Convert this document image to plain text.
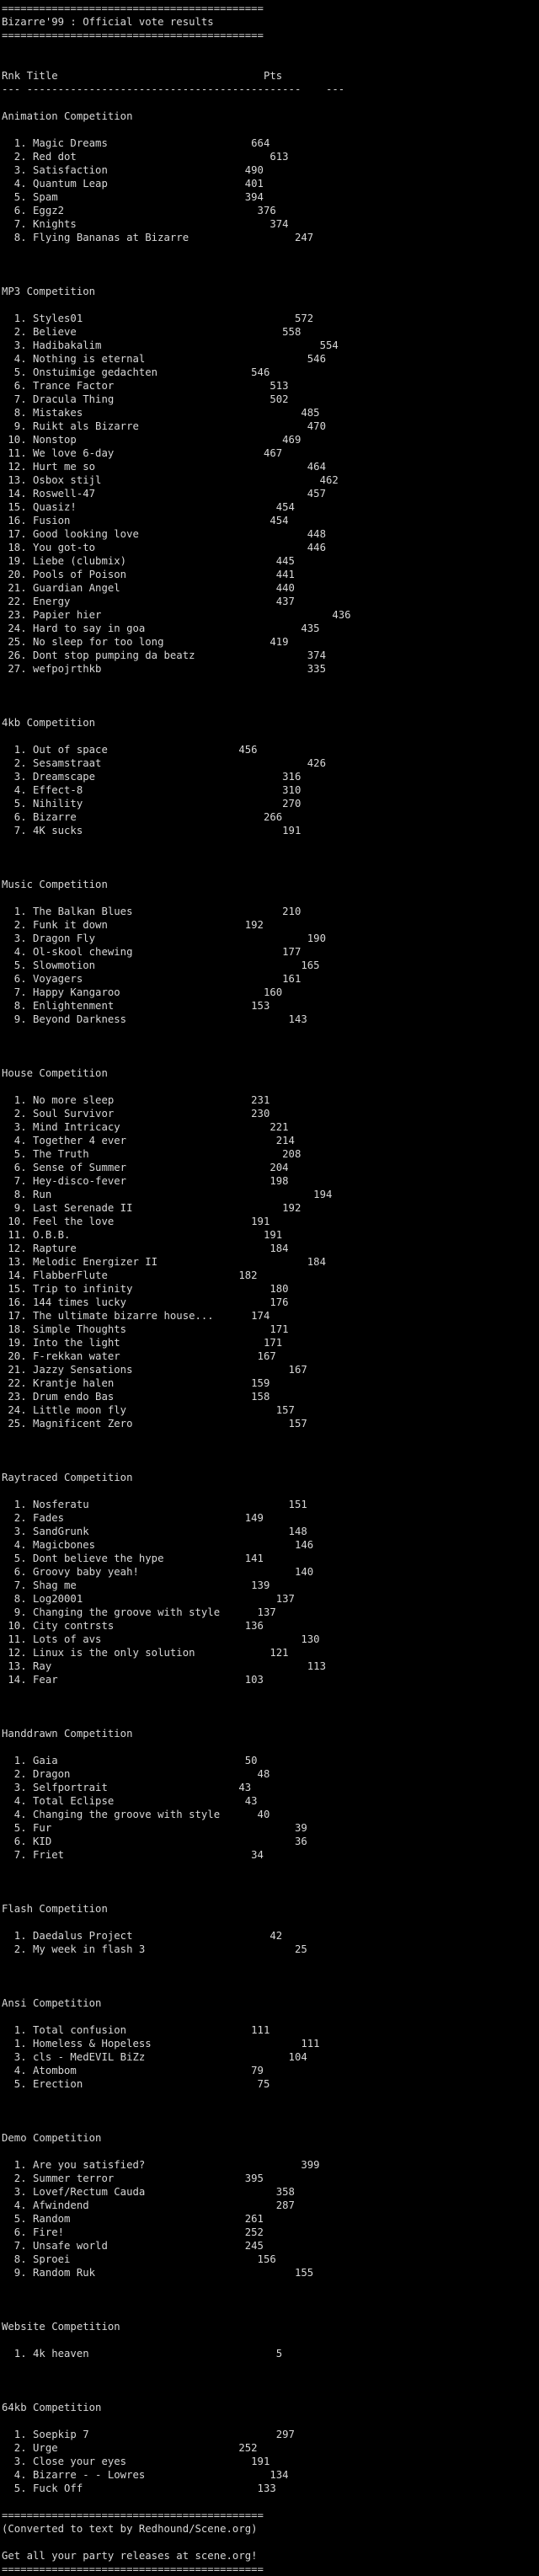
==========================================
Bizarre'99 : Official vote results
==========================================
Rnk Title                                 Pts
--- --------------------------------------------    ---
Animation Competition
1. Magic Dreams                       664
2. Red dot                               613
3. Satisfaction                      490
4. Quantum Leap                      401
5. Spam                              394
6. Eggz2                               376
7. Knights                               374
8. Flying Bananas at Bizarre                 247
MP3 Competition
1. Styles01                                  572
2. Believe                                 558
3. Hadibakalim                                   554
4. Nothing is eternal                          546
5. Onstuimige gedachten               546
6. Trance Factor                         513
7. Dracula Thing                         502
8. Mistakes                                   485
9. Ruikt als Bizarre                           470
10. Nonstop                                 469
11. We love 6-day                        467
12. Hurt me so                                  464
13. Osbox stijl                                   462
14. Roswell-47                                  457
15. Quasiz!                                454
16. Fusion                                454
17. Good looking love                           448
18. You got-to                                  446
19. Liebe (clubmix)                        445
20. Pools of Poison                        441
21. Guardian Angel                         440
22. Energy                                 437
23. Papier hier                                     436
24. Hard to say in goa                         435
25. No sleep for too long                 419
26. Dont stop pumping da beatz                  374
27. wefpojrthkb                                 335
4kb Competition
1. Out of space                     456
2. Sesamstraat                                 426
3. Dreamscape                              316
4. Effect-8                                310
5. Nihility                                270
6. Bizarre                              266
7. 4K sucks                                191
Music Competition
1. The Balkan Blues                        210
2. Funk it down                      192
3. Dragon Fly                                  190
4. Ol-skool chewing                        177
5. Slowmotion                                 165
6. Voyagers                                161
7. Happy Kangaroo                       160
8. Enlightenment                      153
9. Beyond Darkness                          143
House Competition
1. No more sleep                      231
2. Soul Survivor                      230
3. Mind Intricacy                        221
4. Together 4 ever                        214
5. The Truth                               208
6. Sense of Summer                       204
7. Hey-disco-fever                       198
8. Run                                          194
9. Last Serenade II                        192
10. Feel the love                      191
11. O.B.B.                               191
12. Rapture                               184
13. Melodic Energizer II                        184
14. FlabberFlute                     182
15. Trip to infinity                      180
16. 144 times lucky                       176
17. The ultimate bizarre house...      174
18. Simple Thoughts                       171
19. Into the light                       171
20. F-rekkan water                      167
21. Jazzy Sensations                         167
22. Krantje halen                      159
23. Drum endo Bas                      158
24. Little moon fly                        157
25. Magnificent Zero                         157
Raytraced Competition
1. Nosferatu                                151
2. Fades                             149
3. SandGrunk                                148
4. Magicbones                                146
5. Dont believe the hype             141
6. Groovy baby yeah!                         140
7. Shag me                            139
8. Log20001                               137
9. Changing the groove with style      137
10. City contrsts                     136
11. Lots of avs                                130
12. Linux is the only solution            121
13. Ray                                         113
14. Fear                              103
Handdrawn Competition
1. Gaia                              50
2. Dragon                              48
3. Selfportrait                     43
4. Total Eclipse                     43
4. Changing the groove with style      40
5. Fur                                       39
6. KID                                       36
7. Friet                              34
Flash Competition
1. Daedalus Project                      42
2. My week in flash 3                        25
Ansi Competition
1. Total confusion                    111
1. Homeless & Hopeless                        111
3. cls - MedEVIL BiZz                       104
4. Atombom                            79
5. Erection                            75
Demo Competition
1. Are you satisfied?                         399
2. Summer terror                     395
3. Lovef/Rectum Cauda                     358
4. Afwindend                              287
5. Random                            261
6. Fire!                             252
7. Unsafe world                      245
8. Sproei                              156
9. Random Ruk                                155
Website Competition
1. 4k heaven                              5
64kb Competition
1. Soepkip 7                              297
2. Urge                             252
3. Close your eyes                    191
4. Bizarre - - Lowres                    134
5. Fuck Off                            133
==========================================
(Converted to text by Redhound/Scene.org)
Get all your party releases at scene.org!
==========================================
